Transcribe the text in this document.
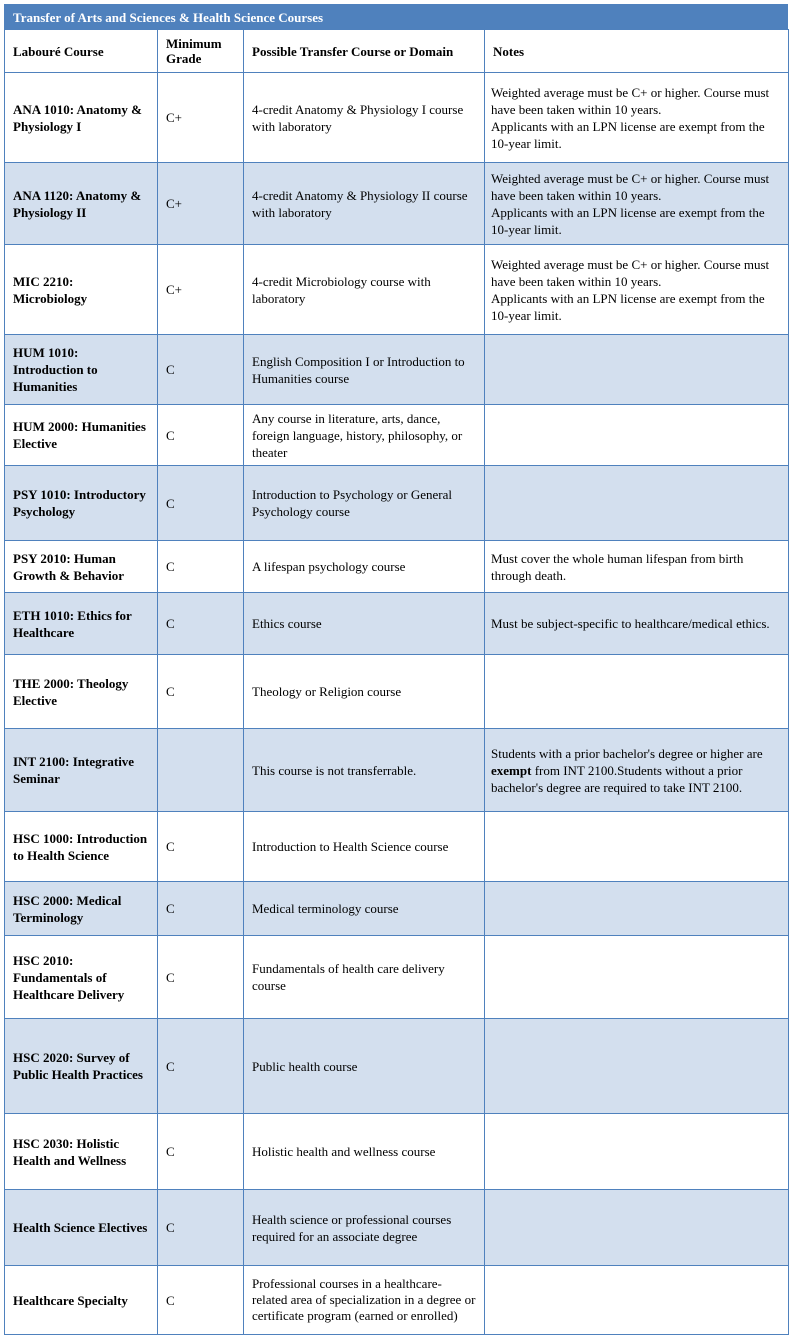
Transfer of Arts and Sciences & Health Science Courses
Labouré Course	Minimum Grade	Possible Transfer Course or Domain	Notes
ANA 1010: Anatomy & Physiology I	C+	4-credit Anatomy & Physiology I course with laboratory	Weighted average must be C+ or higher. Course must have been taken within 10 years.
Applicants with an LPN license are exempt from the 10-year limit.
ANA 1120: Anatomy & Physiology II	C+	4-credit Anatomy & Physiology II course with laboratory	Weighted average must be C+ or higher. Course must have been taken within 10 years.
Applicants with an LPN license are exempt from the 10-year limit.
MIC 2210: Microbiology	C+	4-credit Microbiology course with laboratory	Weighted average must be C+ or higher. Course must have been taken within 10 years.
Applicants with an LPN license are exempt from the 10-year limit.
HUM 1010: Introduction to Humanities	C	English Composition I or Introduction to Humanities course	
HUM 2000: Humanities Elective	C	Any course in literature, arts, dance, foreign language, history, philosophy, or theater	
PSY 1010: Introductory Psychology	C	Introduction to Psychology or General Psychology course	
PSY 2010: Human Growth & Behavior	C	A lifespan psychology course	Must cover the whole human lifespan from birth through death.
ETH 1010: Ethics for Healthcare	C	Ethics course	Must be subject-specific to healthcare/medical ethics.
THE 2000: Theology Elective	C	Theology or Religion course	
INT 2100: Integrative Seminar		This course is not transferrable.	Students with a prior bachelor's degree or higher are exempt from INT 2100.Students without a prior bachelor's degree are required to take INT 2100.
HSC 1000: Introduction to Health Science	C	Introduction to Health Science course	
HSC 2000: Medical Terminology	C	Medical terminology course	
HSC 2010: Fundamentals of Healthcare Delivery	C	Fundamentals of health care delivery course	
HSC 2020: Survey of Public Health Practices	C	Public health course	
HSC 2030: Holistic Health and Wellness	C	Holistic health and wellness course	
Health Science Electives	C	Health science or professional courses required for an associate degree	
Healthcare Specialty	C	Professional courses in a healthcare-related area of specialization in a degree or certificate program (earned or enrolled)	
